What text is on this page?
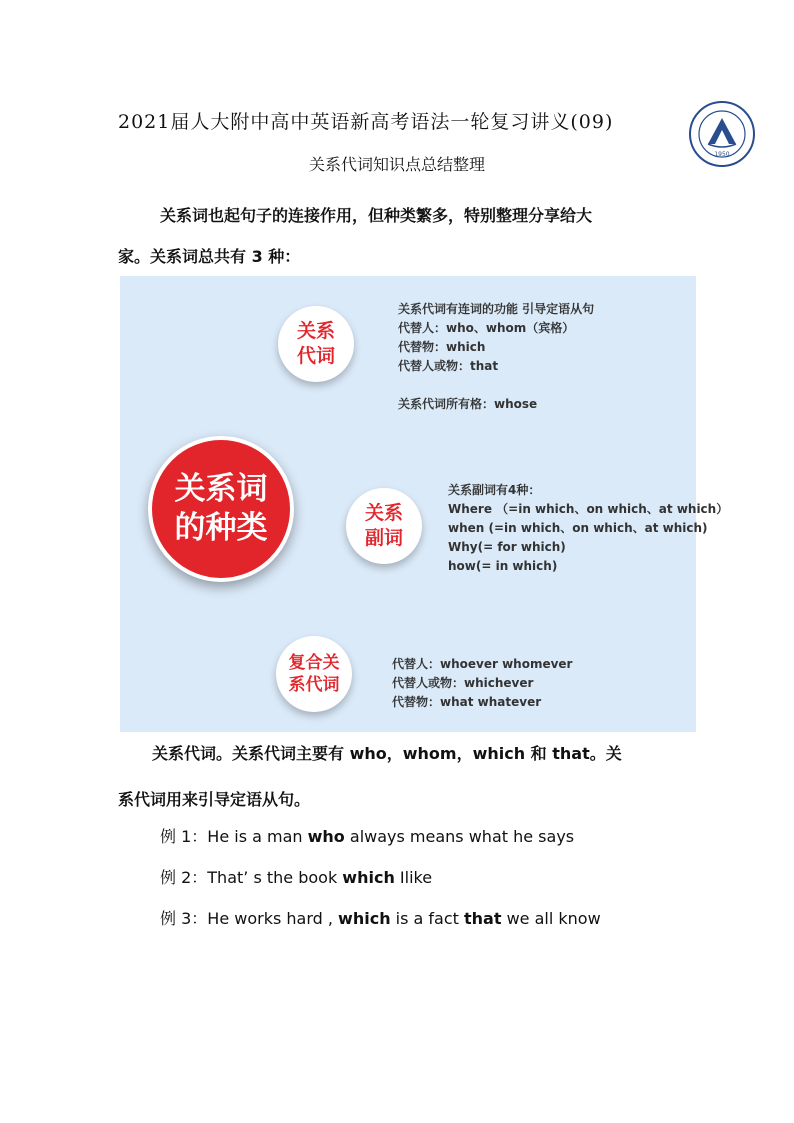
2021届人大附中高中英语新高考语法一轮复习讲义(09)
1950
关系代词知识点总结整理
关系词也起句子的连接作用，但种类繁多，特别整理分享给大
家。关系词总共有 3 种：
关系
代词
关系代词有连词的功能 引导定语从句
代替人：who、whom（宾格）
代替物：which
代替人或物：that

关系代词所有格：whose
关系词
的种类	关系
副词
关系副词有4种：
Where （=in which、on which、at which）
when (=in which、on which、at which)
Why(= for which)
how(= in which)
复合关
系代词
代替人：whoever whomever
代替人或物：whichever
代替物：what whatever
关系代词。关系代词主要有 who，whom，which 和 that。关
系代词用来引导定语从句。
例 1：He is a man who always means what he says
例 2：That’ s the book which Ilike
例 3：He works hard , which is a fact that we all know
